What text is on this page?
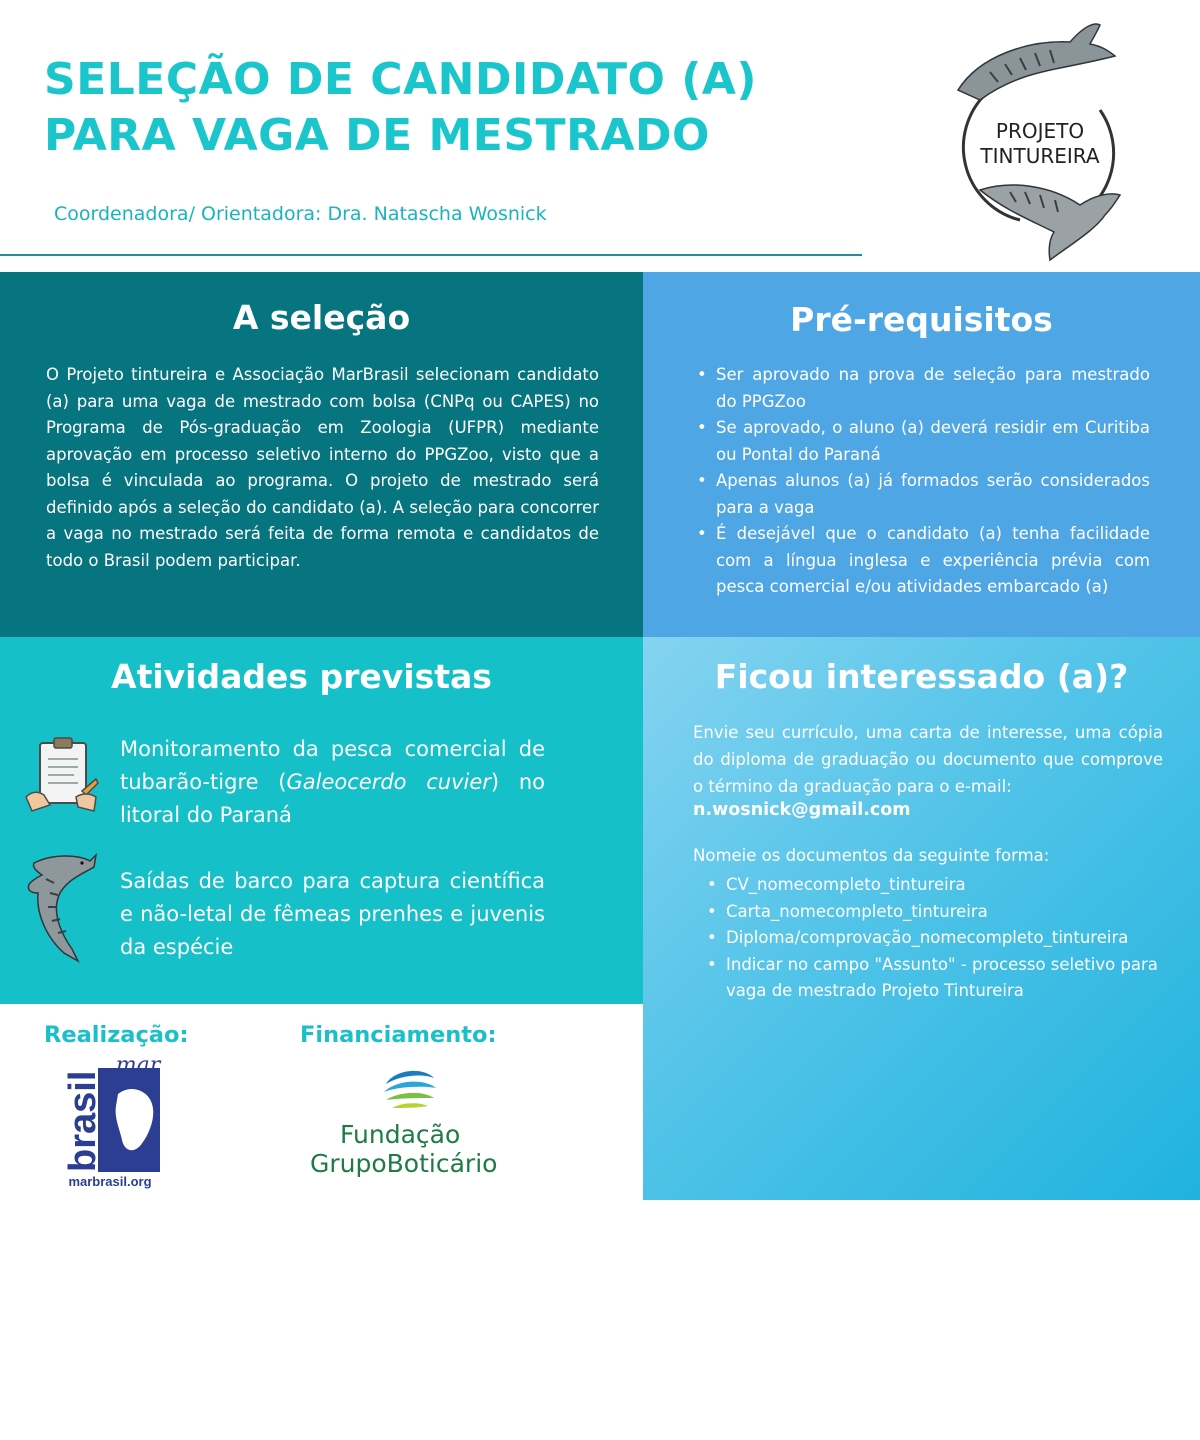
SELEÇÃO DE CANDIDATO (A)
PARA VAGA DE MESTRADO
Coordenadora/ Orientadora: Dra. Natascha Wosnick
PROJETO
TINTUREIRA
A seleção

O Projeto tintureira e Associação MarBrasil selecionam candidato (a) para uma vaga de mestrado com bolsa (CNPq ou CAPES) no Programa de Pós-graduação em Zoologia (UFPR) mediante aprovação em processo seletivo interno do PPGZoo, visto que a bolsa é vinculada ao programa. O projeto de mestrado será definido após a seleção do candidato (a). A seleção para concorrer a vaga no mestrado será feita de forma remota e candidatos de todo o Brasil podem participar.

Pré-requisitos
• Ser aprovado na prova de seleção para mestrado do PPGZoo
• Se aprovado, o aluno (a) deverá residir em Curitiba ou Pontal do Paraná
• Apenas alunos (a) já formados serão considerados para a vaga
• É desejável que o candidato (a) tenha facilidade com a língua inglesa e experiência prévia com pesca comercial e/ou atividades embarcado (a)
Atividades previstas
Monitoramento da pesca comercial de tubarão-tigre (Galeocerdo cuvier) no litoral do Paraná
Saídas de barco para captura científica e não-letal de fêmeas prenhes e juvenis da espécie
Ficou interessado (a)?

Envie seu currículo, uma carta de interesse, uma cópia do diploma de graduação ou documento que comprove o término da graduação para o e-mail:

n.wosnick@gmail.com
Nomeie os documentos da seguinte forma:
• CV_nomecompleto_tintureira
• Carta_nomecompleto_tintureira
• Diploma/comprovação_nomecompleto_tintureira
• Indicar no campo "Assunto" - processo seletivo para vaga de mestrado Projeto Tintureira
Prazo para envio: 7 de Agosto até às
18:00 (horário de Brasília)
Resultado: 13 de Agosto
Realização:	Financiamento:
mar
brasil
marbrasil.org
Fundação
GrupoBoticário
